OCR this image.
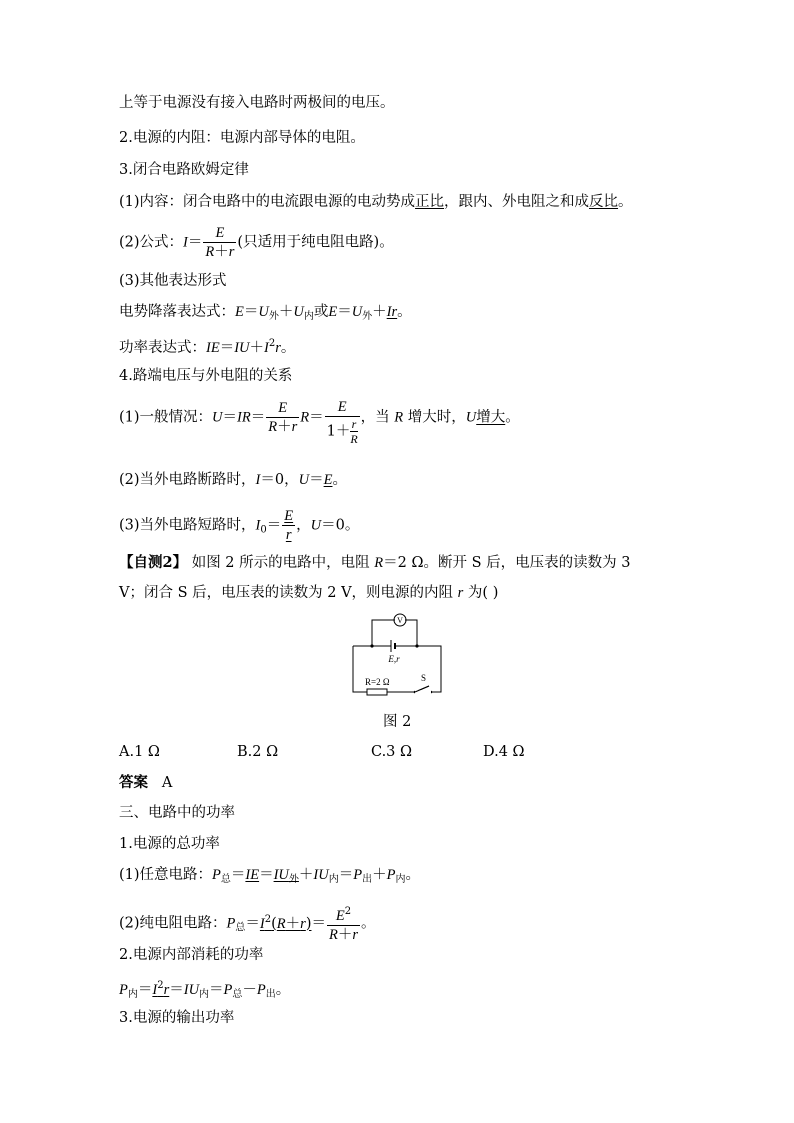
上等于电源没有接入电路时两极间的电压。
2.电源的内阻：电源内部导体的电阻。
3.闭合电路欧姆定律
(1)内容：闭合电路中的电流跟电源的电动势成正比，跟内、外电阻之和成反比。
(2)公式：$I= \frac{E}{R+r}$ (只适用于纯电阻电路)。
(3)其他表达形式
电势降落表达式：$E=U_外+U_内$或$E=U_外+Ir$。
功率表达式：$IE=IU+I^2r$。
4.路端电压与外电阻的关系
(1)一般情况：$U=IR= \frac{E}{R+r} R= \frac{E}{1+ \frac{r}{R}}$ ，当 R 增大时，U增大。
(2)当外电路断路时，I＝0，U＝E。
(3)当外电路短路时，$I_0= \frac{E}{r}$ ，U＝0。
【自测2】 如图 2 所示的电路中，电阻 R＝2 Ω。断开 S 后，电压表的读数为 3
V；闭合 S 后，电压表的读数为 2 V，则电源的内阻 r 为( )
V
E,r
R=2 Ω	S
图 2
A.1 Ω	B.2 Ω	C.3 Ω	D.4 Ω
答案 A
三、电路中的功率
1.电源的总功率
(1)任意电路：$P_总=IE=IU_外+IU_内=P_出+P_内$。
(2)纯电阻电路：$P_总=I^2(R+r)= \frac{E^2}{R+r}$ 。
2.电源内部消耗的功率
$P_内=I^2r=IU_内=P_总-P_出$。
3.电源的输出功率
